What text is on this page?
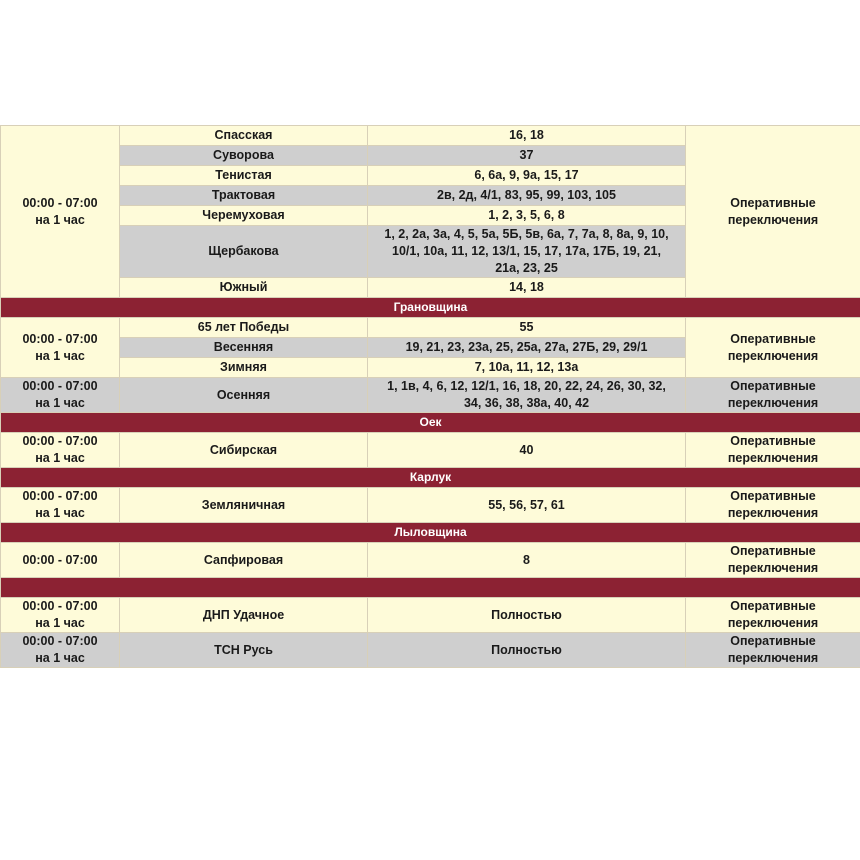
00:00 - 07:00
на 1 час	Спасская	16, 18	Оперативные
переключения
	Суворова	37	
	Тенистая	6, 6а, 9, 9а, 15, 17	
	Трактовая	2в, 2д, 4/1, 83, 95, 99, 103, 105	
	Черемуховая	1, 2, 3, 5, 6, 8	
	Щербакова	1, 2, 2а, 3а, 4, 5, 5а, 5Б, 5в, 6а, 7, 7а, 8, 8а, 9, 10,
10/1, 10а, 11, 12, 13/1, 15, 17, 17а, 17Б, 19, 21,
21а, 23, 25	
	Южный	14, 18	
Грановщина			
00:00 - 07:00
на 1 час	65 лет Победы	55	Оперативные
переключения
	Весенняя	19, 21, 23, 23а, 25, 25а, 27а, 27Б, 29, 29/1	
	Зимняя	7, 10а, 11, 12, 13а	
00:00 - 07:00
на 1 час	Осенняя	1, 1в, 4, 6, 12, 12/1, 16, 18, 20, 22, 24, 26, 30, 32,
34, 36, 38, 38а, 40, 42	Оперативные
переключения
Оек			
00:00 - 07:00
на 1 час	Сибирская	40	Оперативные
переключения
Карлук			
00:00 - 07:00
на 1 час	Земляничная	55, 56, 57, 61	Оперативные
переключения
Лыловщина			
00:00 - 07:00	Сапфировая	8	Оперативные
переключения

00:00 - 07:00
на 1 час	ДНП Удачное	Полностью	Оперативные
переключения
00:00 - 07:00
на 1 час	ТСН Русь	Полностью	Оперативные
переключения
